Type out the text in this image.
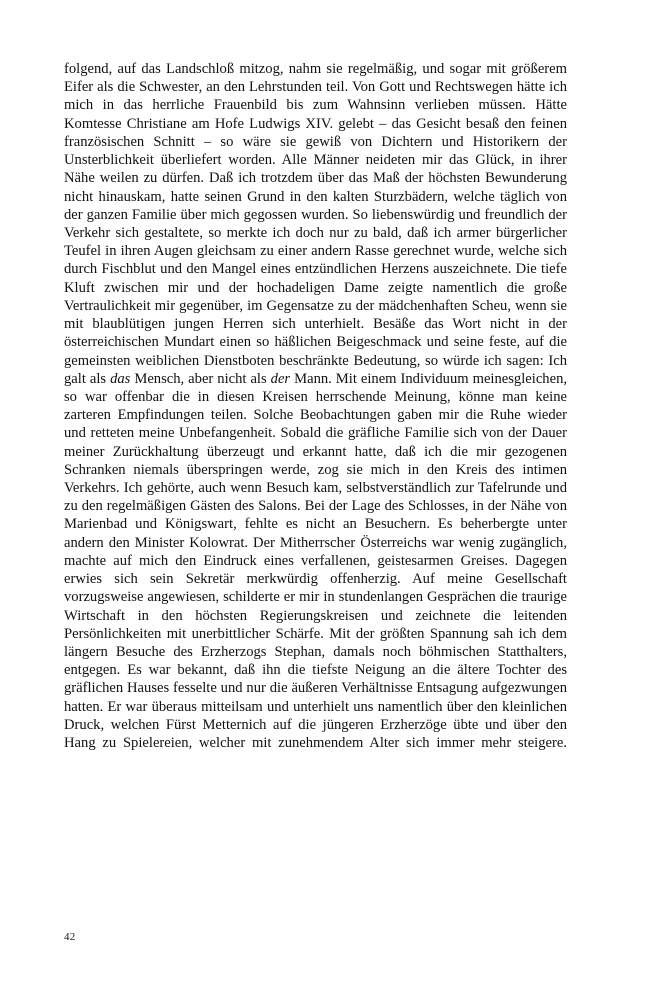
folgend, auf das Landschloß mitzog, nahm sie regelmäßig, und sogar mit größerem Eifer als die Schwester, an den Lehrstunden teil. Von Gott und Rechtswegen hätte ich mich in das herrliche Frauenbild bis zum Wahnsinn verlieben müssen. Hätte Komtesse Christiane am Hofe Ludwigs XIV. gelebt – das Gesicht besaß den feinen französischen Schnitt – so wäre sie gewiß von Dichtern und Historikern der Unsterblichkeit überliefert worden. Alle Männer neideten mir das Glück, in ihrer Nähe weilen zu dürfen. Daß ich trotzdem über das Maß der höchsten Bewunderung nicht hinauskam, hatte seinen Grund in den kalten Sturzbädern, welche täglich von der ganzen Familie über mich gegossen wurden. So liebenswürdig und freundlich der Verkehr sich gestaltete, so merkte ich doch nur zu bald, daß ich armer bürgerlicher Teufel in ihren Augen gleichsam zu einer andern Rasse gerechnet wurde, welche sich durch Fischblut und den Mangel eines entzündlichen Herzens auszeichnete. Die tiefe Kluft zwischen mir und der hochadeligen Dame zeigte namentlich die große Vertraulichkeit mir gegenüber, im Gegensatze zu der mädchenhaften Scheu, wenn sie mit blaublütigen jungen Herren sich unterhielt. Besäße das Wort nicht in der österreichischen Mundart einen so häßlichen Beigeschmack und seine feste, auf die gemeinsten weiblichen Dienstboten beschränkte Bedeutung, so würde ich sagen: Ich galt als das Mensch, aber nicht als der Mann. Mit einem Individuum meinesgleichen, so war offenbar die in diesen Kreisen herrschende Meinung, könne man keine zarteren Empfindungen teilen. Solche Beobachtungen gaben mir die Ruhe wieder und retteten meine Unbefangenheit. Sobald die gräfliche Familie sich von der Dauer meiner Zurückhaltung überzeugt und erkannt hatte, daß ich die mir gezogenen Schranken niemals überspringen werde, zog sie mich in den Kreis des intimen Verkehrs. Ich gehörte, auch wenn Besuch kam, selbstverständlich zur Tafelrunde und zu den regelmäßigen Gästen des Salons. Bei der Lage des Schlosses, in der Nähe von Marienbad und Königswart, fehlte es nicht an Besuchern. Es beherbergte unter andern den Minister Kolowrat. Der Mitherrscher Österreichs war wenig zugänglich, machte auf mich den Eindruck eines verfallenen, geistesarmen Greises. Dagegen erwies sich sein Sekretär merkwürdig offenherzig. Auf meine Gesellschaft vorzugsweise angewiesen, schilderte er mir in stundenlangen Gesprächen die traurige Wirtschaft in den höchsten Regierungskreisen und zeichnete die leitenden Persönlichkeiten mit unerbittlicher Schärfe. Mit der größten Spannung sah ich dem längern Besuche des Erzherzogs Stephan, damals noch böhmischen Statthalters, entgegen. Es war bekannt, daß ihn die tiefste Neigung an die ältere Tochter des gräflichen Hauses fesselte und nur die äußeren Verhältnisse Entsagung aufgezwungen hatten. Er war überaus mitteilsam und unterhielt uns namentlich über den kleinlichen Druck, welchen Fürst Metternich auf die jüngeren Erzherzöge übte und über den Hang zu Spielereien, welcher mit zunehmendem Alter sich immer mehr steigere.

42
